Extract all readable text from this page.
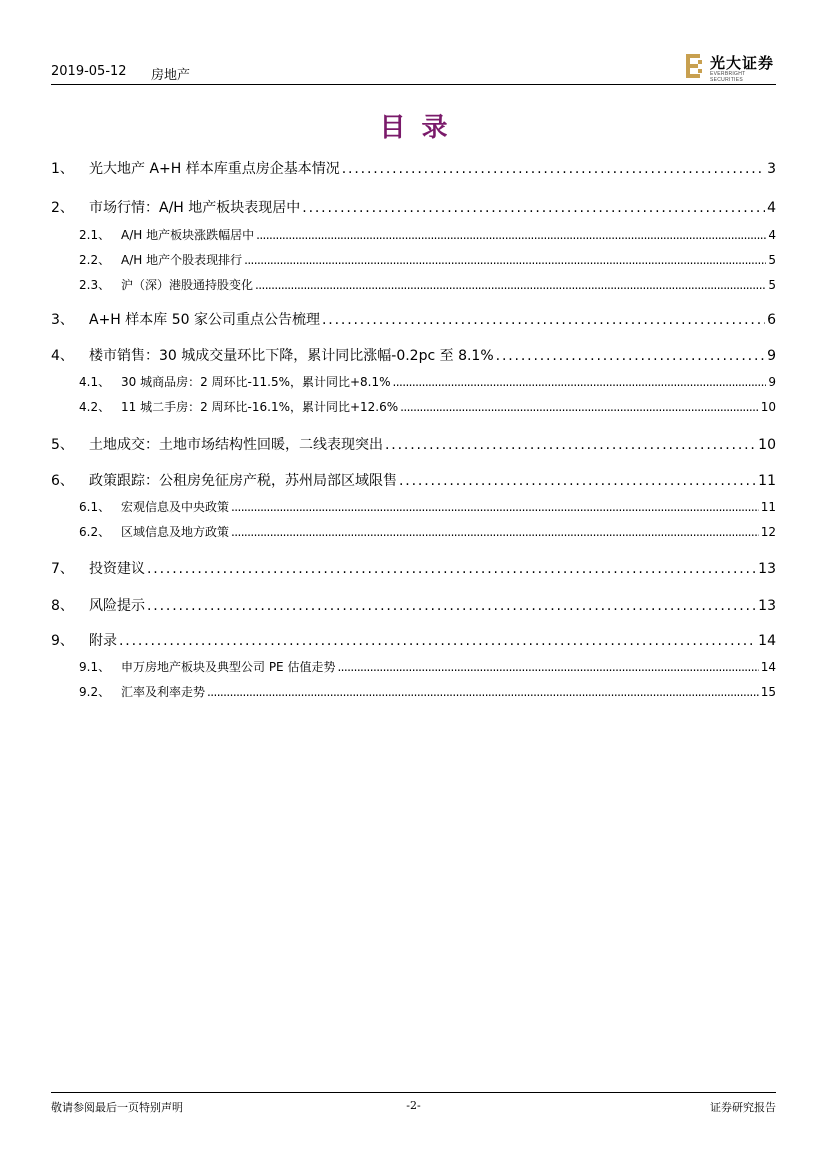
2019-05-12 房地产
光大证券
EVERBRIGHT SECURITIES
目录
1、	光大地产 A+H 样本库重点房企基本情况 . . .	3
2、	市场行情：A/H 地产板块表现居中 . . .	4
2.1、 A/H 地产板块涨跌幅居中 . . .	4
2.2、 A/H 地产个股表现排行 . . .	5
2.3、 沪（深）港股通持股变化 . . .	5
3、	A+H 样本库 50 家公司重点公告梳理 . . .	6
4、	楼市销售：30 城成交量环比下降，累计同比涨幅-0.2pc 至 8.1% . . .	9
4.1、 30 城商品房：2 周环比-11.5%，累计同比+8.1% . . .	9
4.2、 11 城二手房：2 周环比-16.1%，累计同比+12.6% . . .	10
5、	土地成交：土地市场结构性回暖，二线表现突出 . . .	10
6、	政策跟踪：公租房免征房产税，苏州局部区域限售 . . .	11
6.1、 宏观信息及中央政策 . . .	11
6.2、 区域信息及地方政策 . . .	12
7、	投资建议 . . .	13
8、	风险提示 . . .	13
9、	附录 . . .	14
9.1、 申万房地产板块及典型公司 PE 估值走势 . . .	14
9.2、 汇率及利率走势 . . .	15
敬请参阅最后一页特别声明	-2-	证券研究报告
